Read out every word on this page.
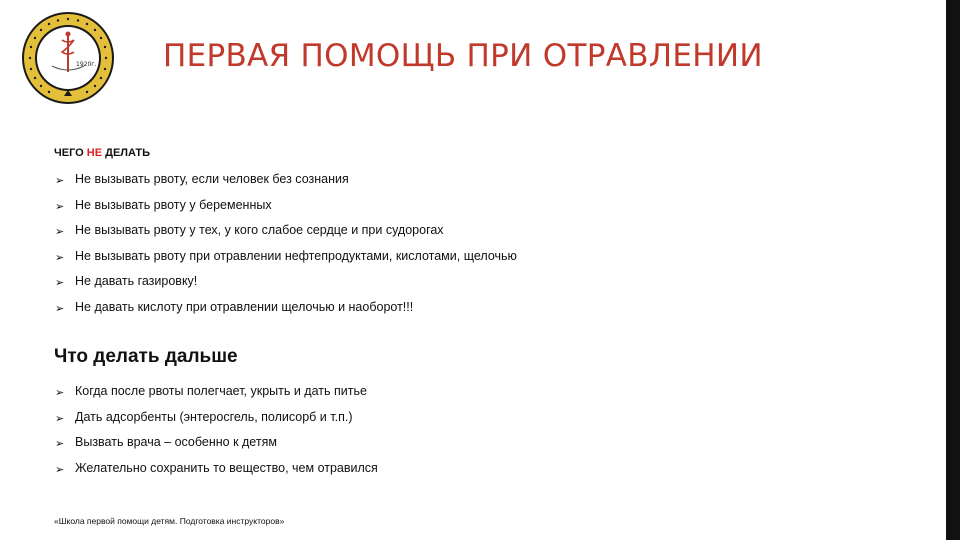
1920г. ПЕРВАЯ ПОМОЩЬ ПРИ ОТРАВЛЕНИИ
ЧЕГО НЕ ДЕЛАТЬ
➢ Не вызывать рвоту, если человек без сознания
➢ Не вызывать рвоту у беременных
➢ Не вызывать рвоту у тех, у кого слабое сердце и при судорогах
➢ Не вызывать рвоту при отравлении нефтепродуктами, кислотами, щелочью
➢ Не давать газировку!
➢ Не давать кислоту при отравлении щелочью и наоборот!!!
Что делать дальше
➢ Когда после рвоты полегчает, укрыть и дать питье
➢ Дать адсорбенты (энтеросгель, полисорб и т.п.)
➢ Вызвать врача – особенно к детям
➢ Желательно сохранить то вещество, чем отравился
«Школа первой помощи детям. Подготовка инструкторов»
